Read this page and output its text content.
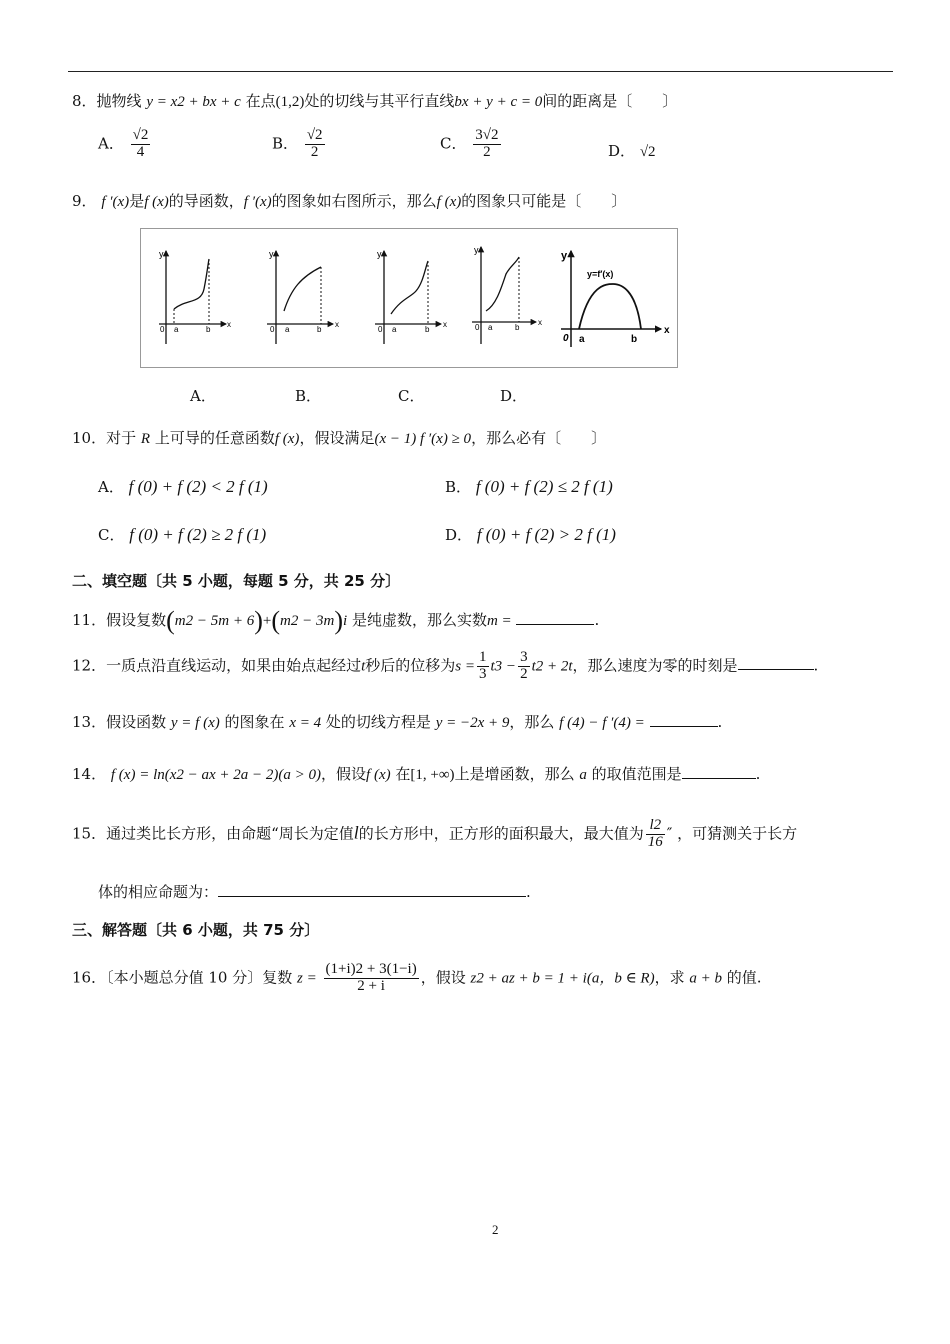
8．抛物线 y = x2 + bx + c 在点(1,2)处的切线与其平行直线bx + y + c = 0间的距离是〔　　〕
A． $\frac{√2}{4}$	B． $\frac{√2}{2}$	C． $\frac{3√2}{2}$	D． √2
9． f ′(x)是f (x)的导函数，f ′(x)的图象如右图所示，那么f (x)的图象只可能是〔　　〕
y
0 a	b
x
y
0 a	b
x
y
0 a	b
x
y
0 a	b
x
y
y=f′(x)
0 a	b
x
A．	B．	C．	D．
10．对于 R 上可导的任意函数f (x)，假设满足(x − 1) f ′(x) ≥ 0，那么必有〔　　〕
A． f (0) + f (2) < 2 f (1)	B． f (0) + f (2) ≤ 2 f (1)
C． f (0) + f (2) ≥ 2 f (1)	D． f (0) + f (2) > 2 f (1)
二、填空题〔共 5 小题，每题 5 分，共 25 分〕
11．假设复数(m2 − 5m + 6)+(m2 − 3m)i 是纯虚数，那么实数m =	.
12．一质点沿直线运动，如果由始点起经过t秒后的位移为$s = \frac{1}{3} t3 - \frac{3}{2} t2 + 2t$，那么速度为零的时刻是	.
13．假设函数 y = f (x) 的图象在 x = 4 处的切线方程是 y = −2x + 9，那么 f (4) − f ′(4) =	.
14． f (x) = ln(x2 − ax + 2a − 2)(a > 0)，假设f (x) 在[1, +∞)上是增函数，那么 a 的取值范围是	.
15．通过类比长方形，由命题“周长为定值l的长方形中，正方形的面积最大，最大值为 $\frac{l2}{16}$ ″ ，可猜测关于长方
体的相应命题为：	.
三、解答题〔共 6 小题，共 75 分〕
16．〔本小题总分值 10 分〕复数 $z = \frac{(1+i)2 + 3(1-i)}{2 + i}$ ，假设 z2 + az + b = 1 + i(a，b ∈ R)，求 a + b 的值.
2
